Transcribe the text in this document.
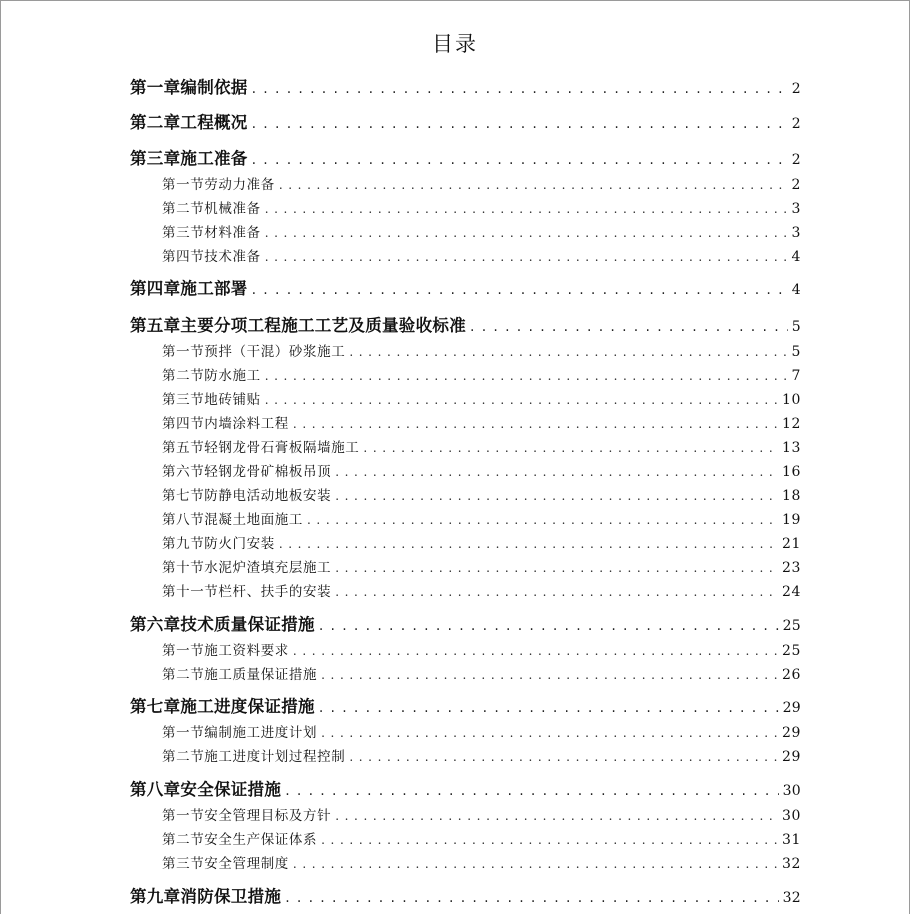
目录
第一章编制依据 . . .	2
第二章工程概况 . . .	2
第三章施工准备 . . .	2
第一节劳动力准备 . . .	2
第二节机械准备 . . .	3
第三节材料准备 . . .	3
第四节技术准备 . . .	4
第四章施工部署 . . .	4
第五章主要分项工程施工工艺及质量验收标准 . . .	5
第一节预拌（干混）砂浆施工 . . .	5
第二节防水施工 . . .	7
第三节地砖铺贴 . . .	10
第四节内墙涂料工程 . . .	12
第五节轻钢龙骨石膏板隔墙施工 . . .	13
第六节轻钢龙骨矿棉板吊顶 . . .	16
第七节防静电活动地板安装 . . .	18
第八节混凝土地面施工 . . .	19
第九节防火门安装 . . .	21
第十节水泥炉渣填充层施工 . . .	23
第十一节栏杆、扶手的安装 . . .	24
第六章技术质量保证措施 . . .	25
第一节施工资料要求 . . .	25
第二节施工质量保证措施 . . .	26
第七章施工进度保证措施 . . .	29
第一节编制施工进度计划 . . .	29
第二节施工进度计划过程控制 . . .	29
第八章安全保证措施 . . .	30
第一节安全管理目标及方针 . . .	30
第二节安全生产保证体系 . . .	31
第三节安全管理制度 . . .	32
第九章消防保卫措施 . . .	32
